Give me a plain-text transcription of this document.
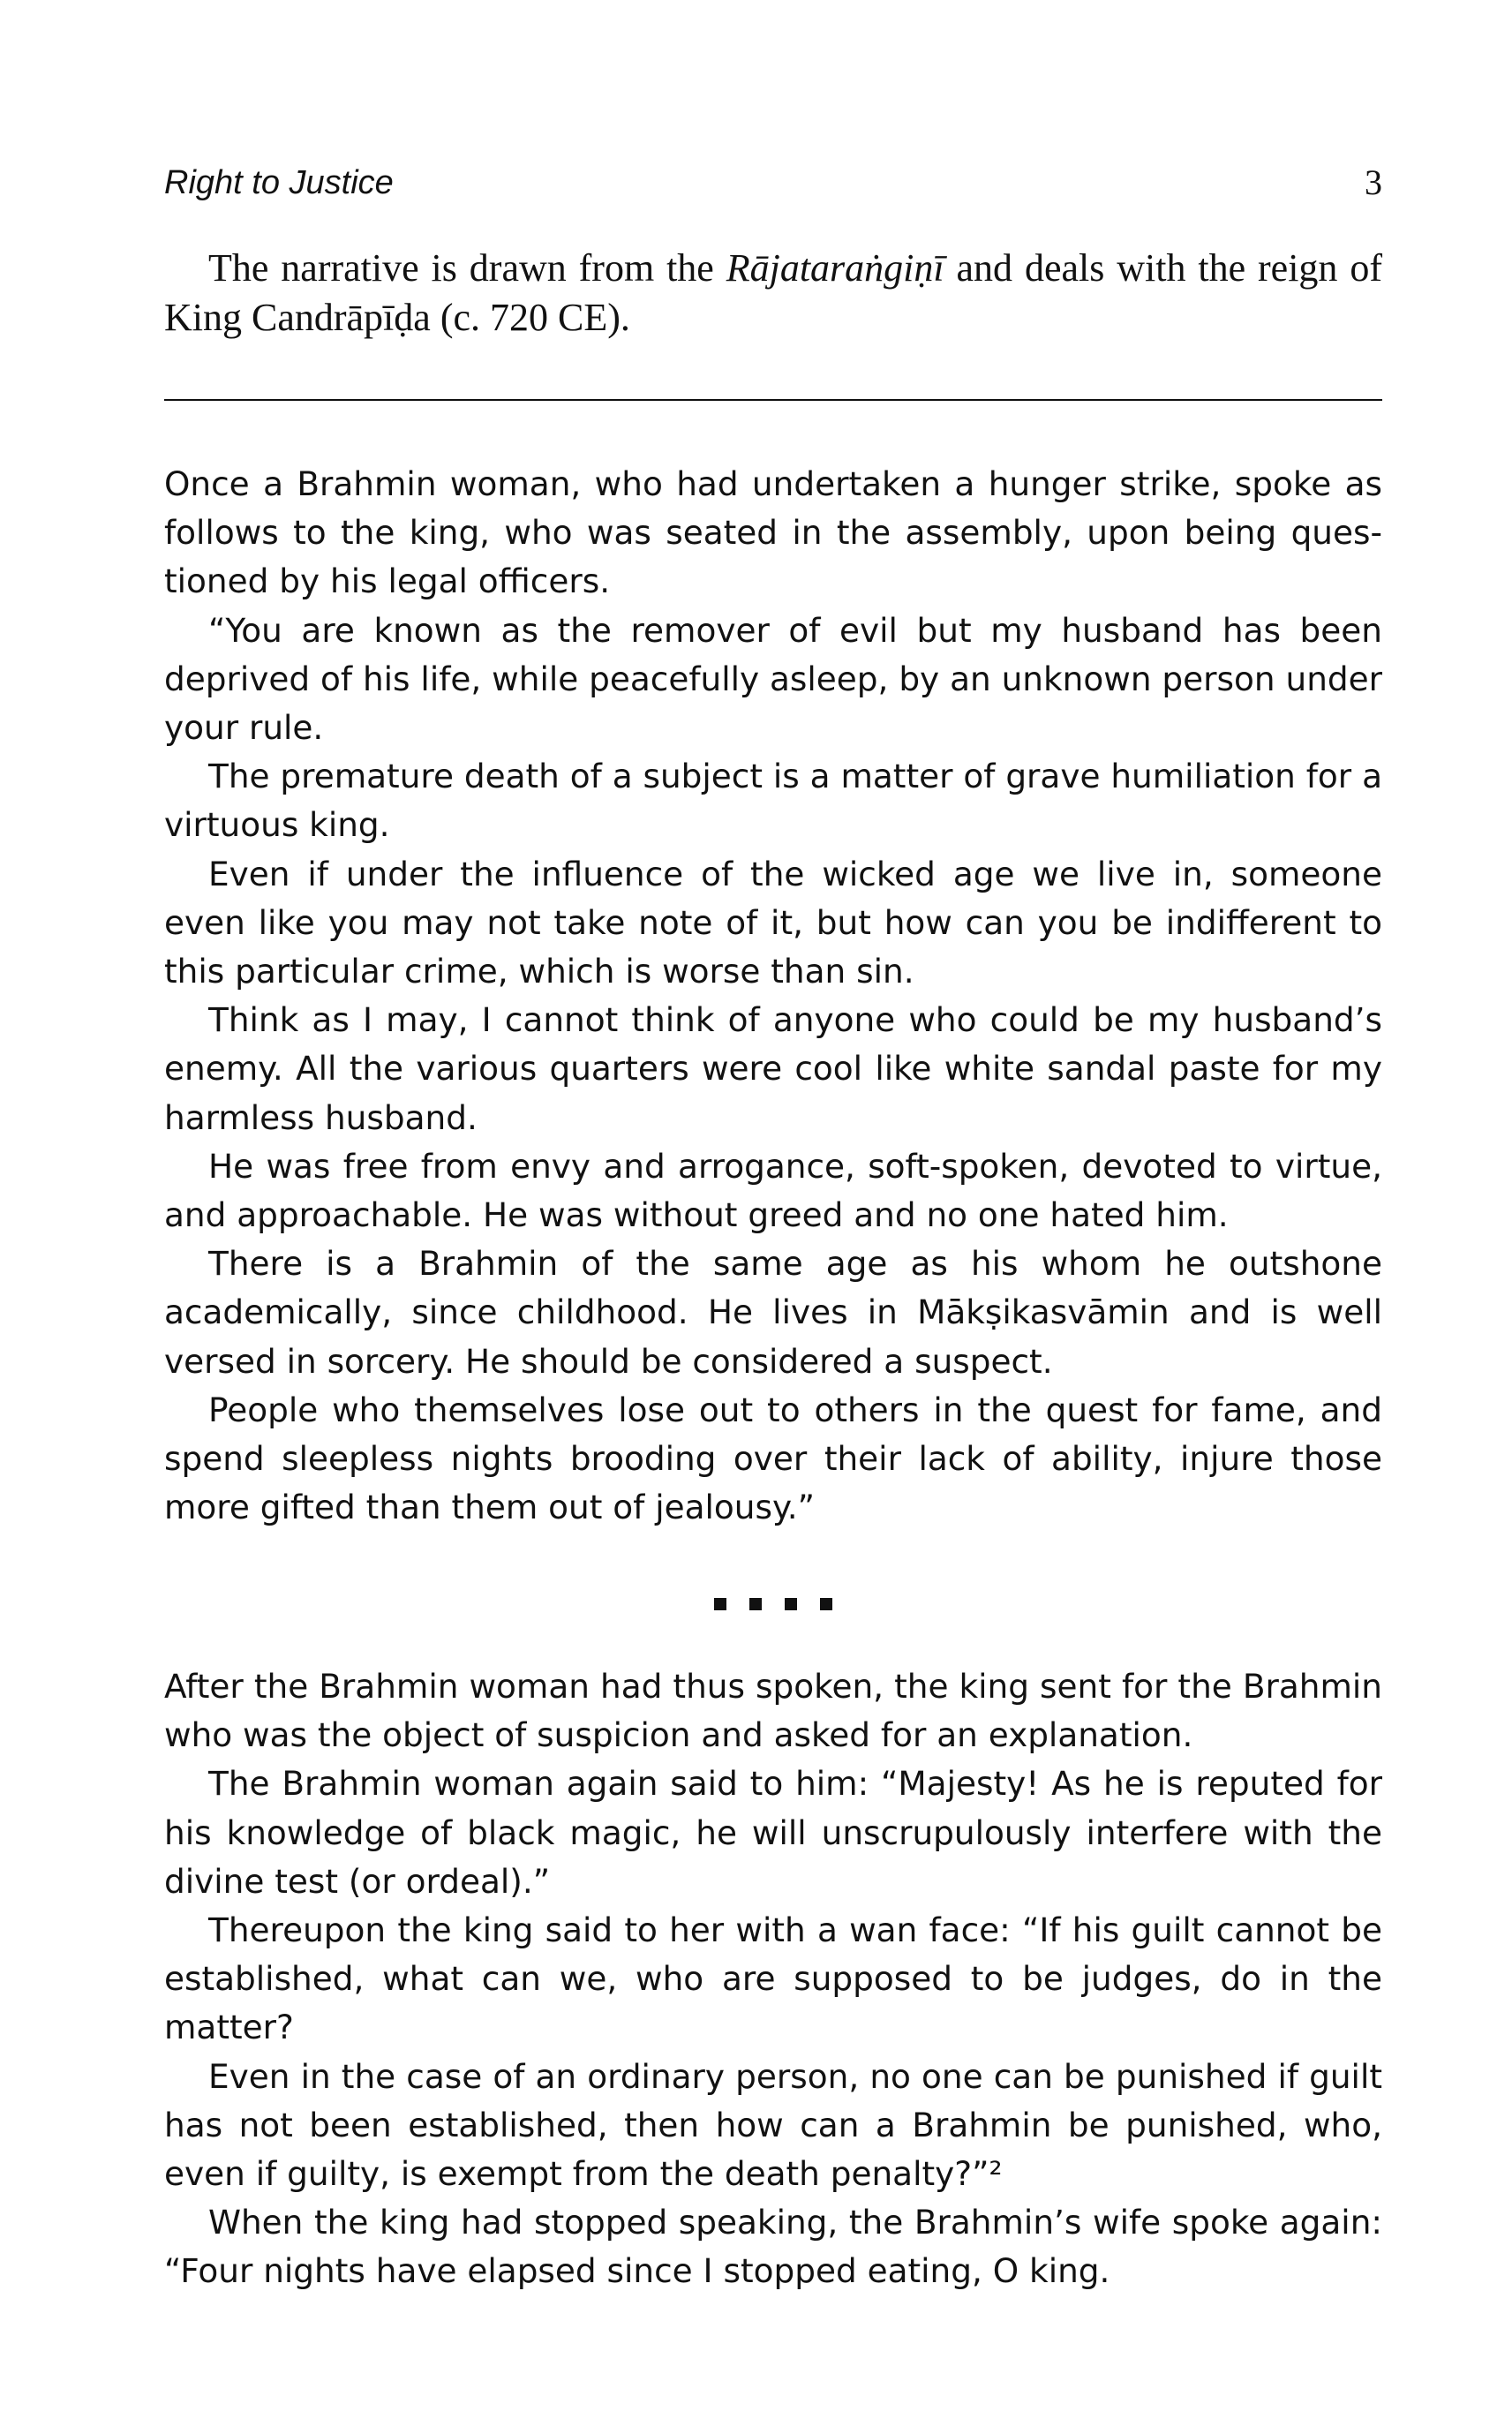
Right to Justice	3

The narrative is drawn from the Rājataraṅgiṇī and deals with the reign of King Candrāpīḍa (c. 720 CE).

Once a Brahmin woman, who had undertaken a hunger strike, spoke as follows to the king, who was seated in the assembly, upon being questioned by his legal officers.

“You are known as the remover of evil but my husband has been deprived of his life, while peacefully asleep, by an unknown person under your rule.

The premature death of a subject is a matter of grave humiliation for a virtuous king.

Even if under the influence of the wicked age we live in, someone even like you may not take note of it, but how can you be indifferent to this particular crime, which is worse than sin.

Think as I may, I cannot think of anyone who could be my husband’s enemy. All the various quarters were cool like white sandal paste for my harmless husband.

He was free from envy and arrogance, soft-spoken, devoted to virtue, and approachable. He was without greed and no one hated him.

There is a Brahmin of the same age as his whom he outshone academically, since childhood. He lives in Mākṣikasvāmin and is well versed in sorcery. He should be considered a suspect.

People who themselves lose out to others in the quest for fame, and spend sleepless nights brooding over their lack of ability, injure those more gifted than them out of jealousy.”

After the Brahmin woman had thus spoken, the king sent for the Brahmin who was the object of suspicion and asked for an explanation.

The Brahmin woman again said to him: “Majesty! As he is reputed for his knowledge of black magic, he will unscrupulously interfere with the divine test (or ordeal).”

Thereupon the king said to her with a wan face: “If his guilt cannot be established, what can we, who are supposed to be judges, do in the matter?

Even in the case of an ordinary person, no one can be punished if guilt has not been established, then how can a Brahmin be punished, who, even if guilty, is exempt from the death penalty?”²

When the king had stopped speaking, the Brahmin’s wife spoke again: “Four nights have elapsed since I stopped eating, O king.
